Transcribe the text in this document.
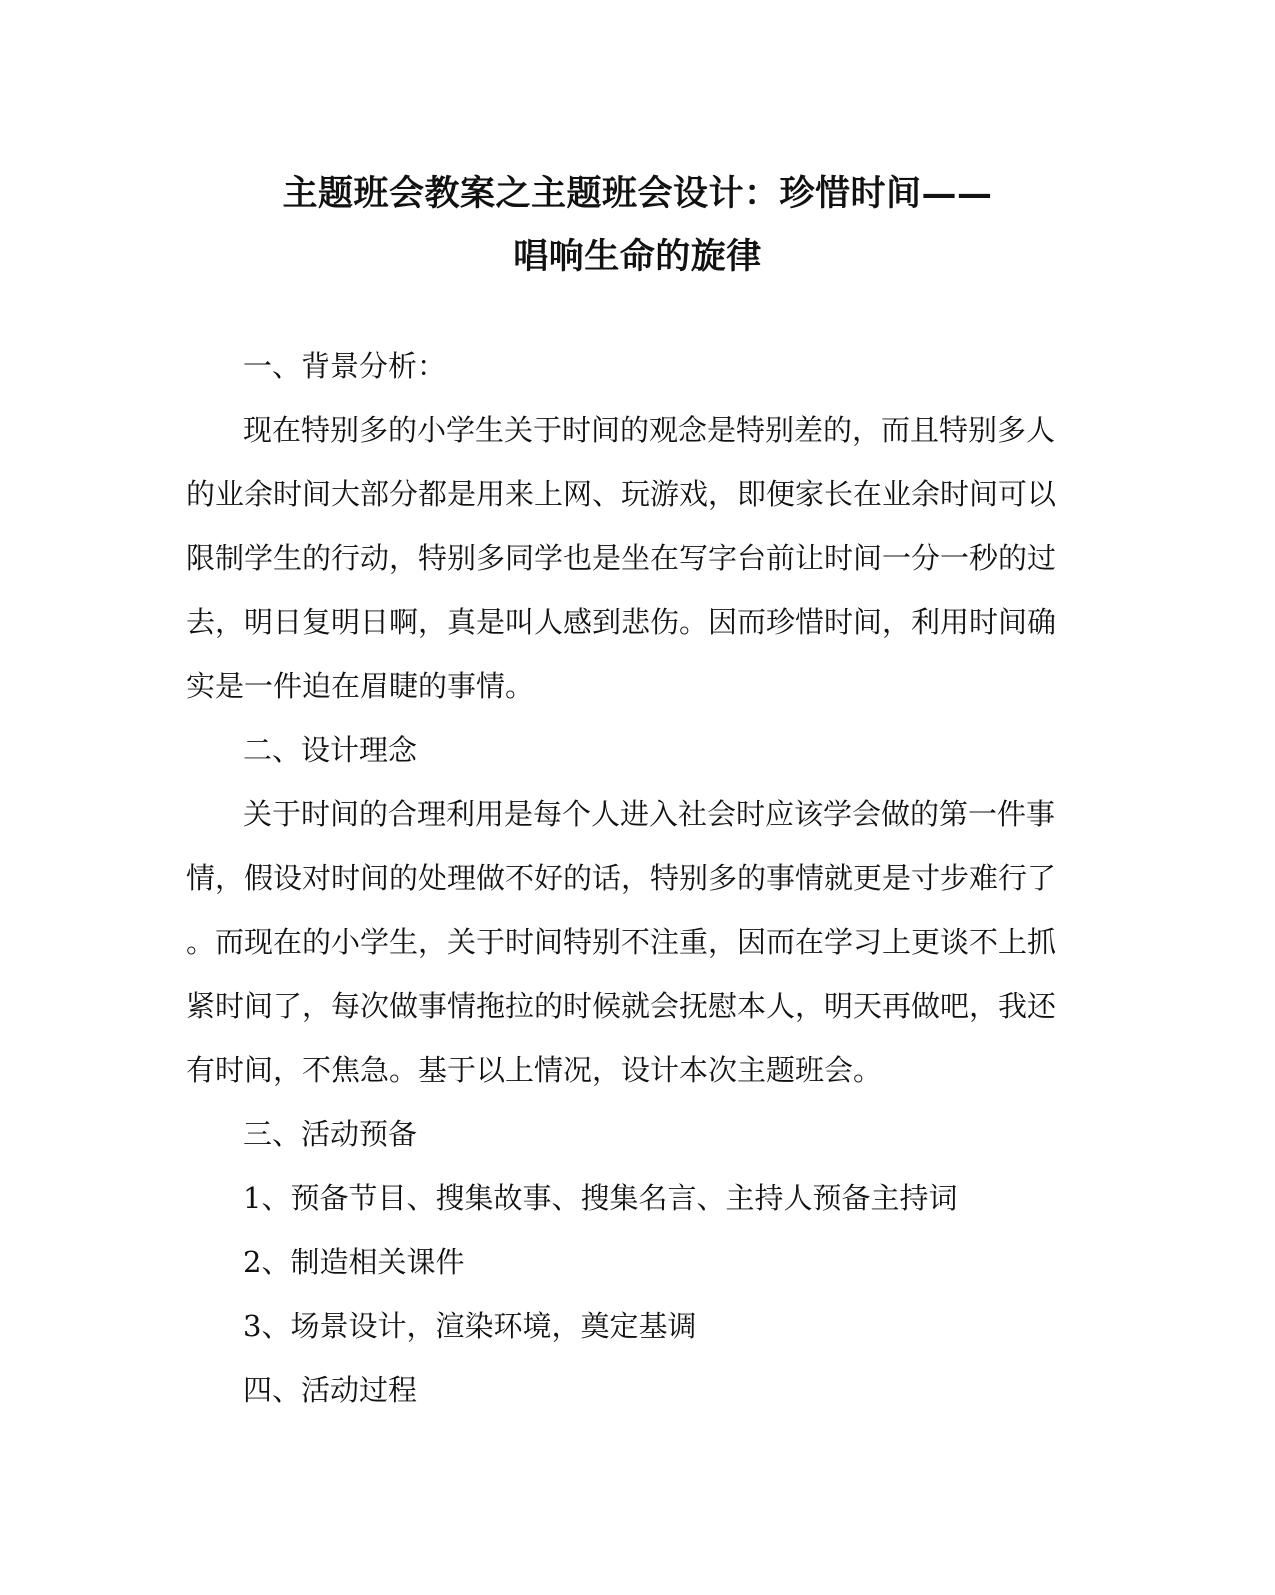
主题班会教案之主题班会设计：珍惜时间——
唱响生命的旋律
一、背景分析：
现在特别多的小学生关于时间的观念是特别差的，而且特别多人
的业余时间大部分都是用来上网、玩游戏，即便家长在业余时间可以
限制学生的行动，特别多同学也是坐在写字台前让时间一分一秒的过
去，明日复明日啊，真是叫人感到悲伤。因而珍惜时间，利用时间确
实是一件迫在眉睫的事情。
二、设计理念
关于时间的合理利用是每个人进入社会时应该学会做的第一件事
情，假设对时间的处理做不好的话，特别多的事情就更是寸步难行了
。而现在的小学生，关于时间特别不注重，因而在学习上更谈不上抓
紧时间了，每次做事情拖拉的时候就会抚慰本人，明天再做吧，我还
有时间，不焦急。基于以上情况，设计本次主题班会。
三、活动预备
1、预备节目、搜集故事、搜集名言、主持人预备主持词
2、制造相关课件
3、场景设计，渲染环境，奠定基调
四、活动过程
